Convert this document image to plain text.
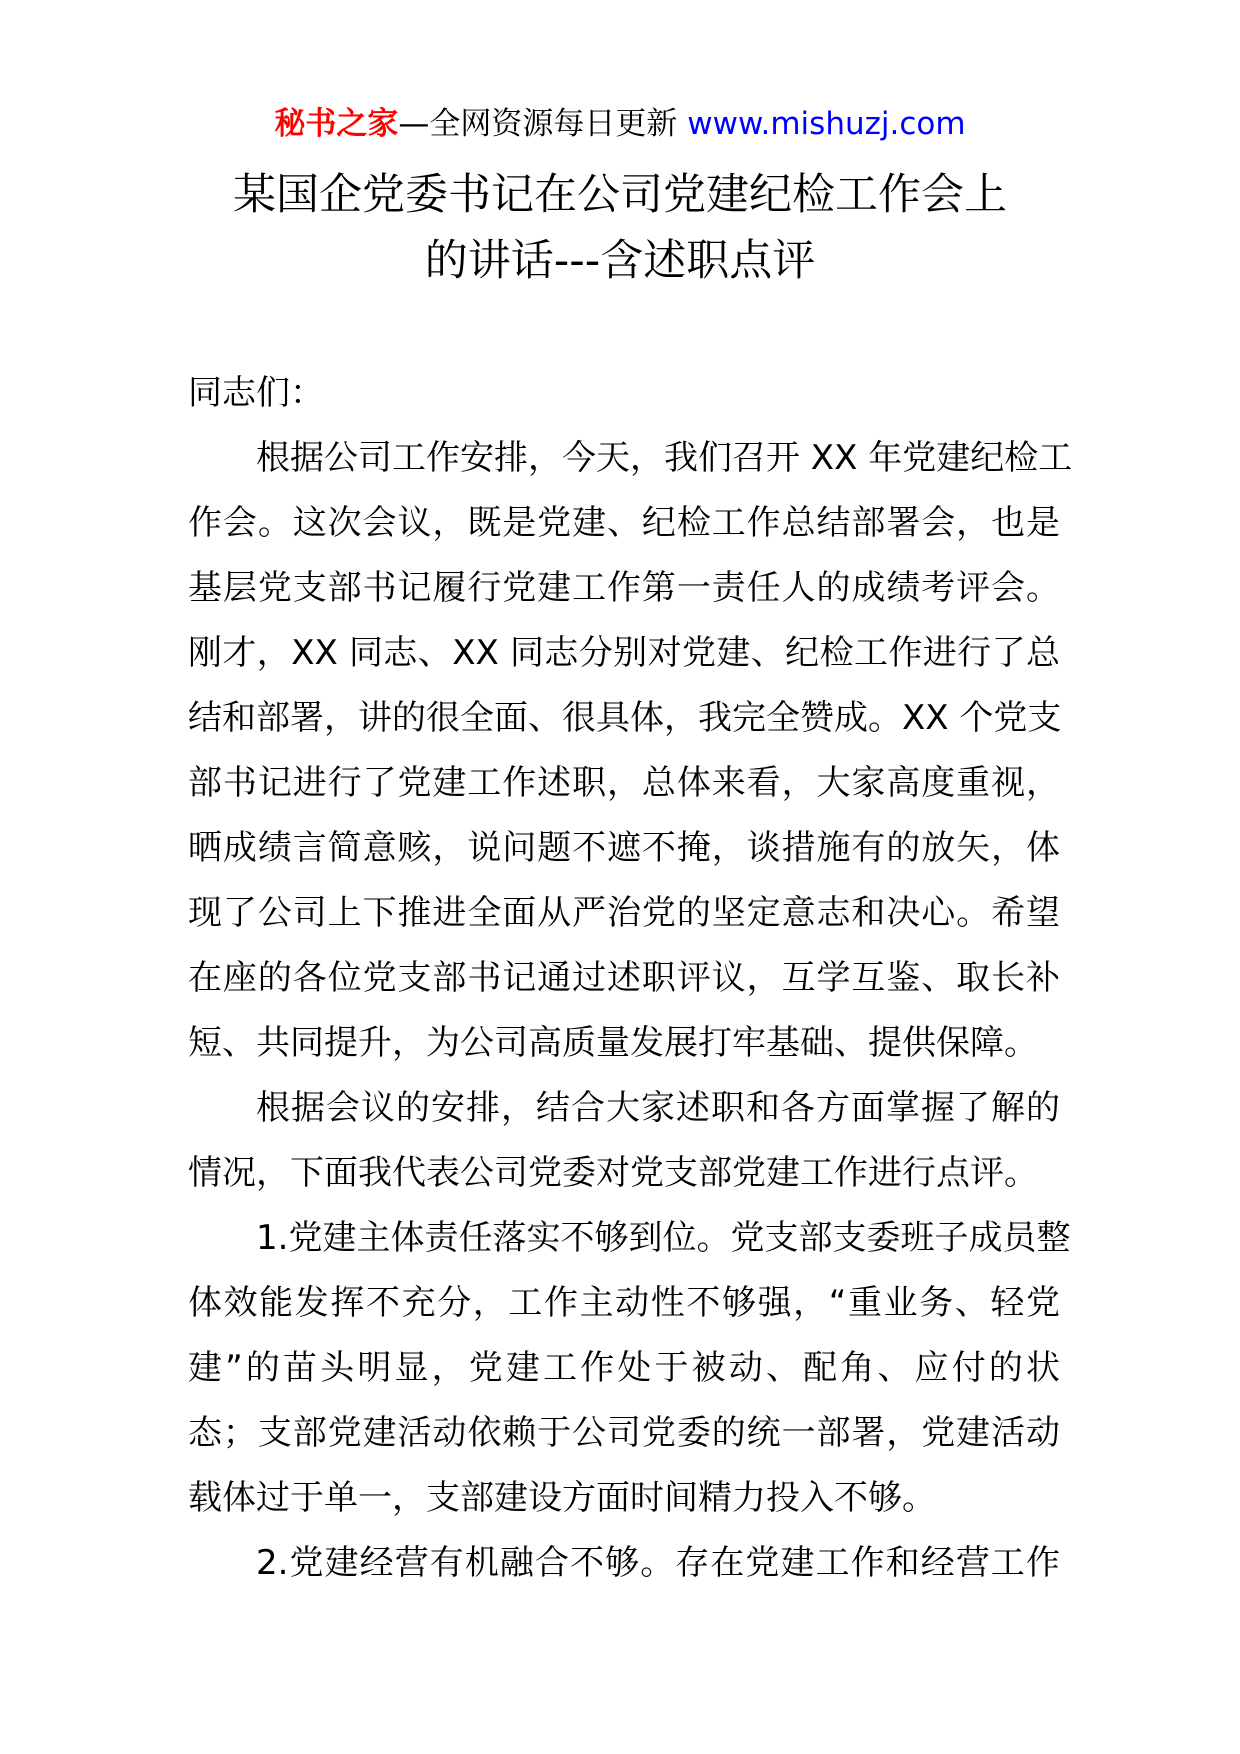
秘书之家—全网资源每日更新 www.mishuzj.com
某国企党委书记在公司党建纪检工作会上
的讲话---含述职点评

同志们：

根据公司工作安排，今天，我们召开 XX 年党建纪检工
作会。这次会议，既是党建、纪检工作总结部署会，也是
基层党支部书记履行党建工作第一责任人的成绩考评会。
刚才，XX 同志、XX 同志分别对党建、纪检工作进行了总
结和部署，讲的很全面、很具体，我完全赞成。XX 个党支
部书记进行了党建工作述职，总体来看，大家高度重视，
晒成绩言简意赅，说问题不遮不掩，谈措施有的放矢，体
现了公司上下推进全面从严治党的坚定意志和决心。希望
在座的各位党支部书记通过述职评议，互学互鉴、取长补
短、共同提升，为公司高质量发展打牢基础、提供保障。

根据会议的安排，结合大家述职和各方面掌握了解的
情况，下面我代表公司党委对党支部党建工作进行点评。

1.党建主体责任落实不够到位。党支部支委班子成员整
体效能发挥不充分，工作主动性不够强，“重业务、轻党
建”的苗头明显，党建工作处于被动、配角、应付的状
态；支部党建活动依赖于公司党委的统一部署，党建活动
载体过于单一，支部建设方面时间精力投入不够。

2.党建经营有机融合不够。存在党建工作和经营工作
